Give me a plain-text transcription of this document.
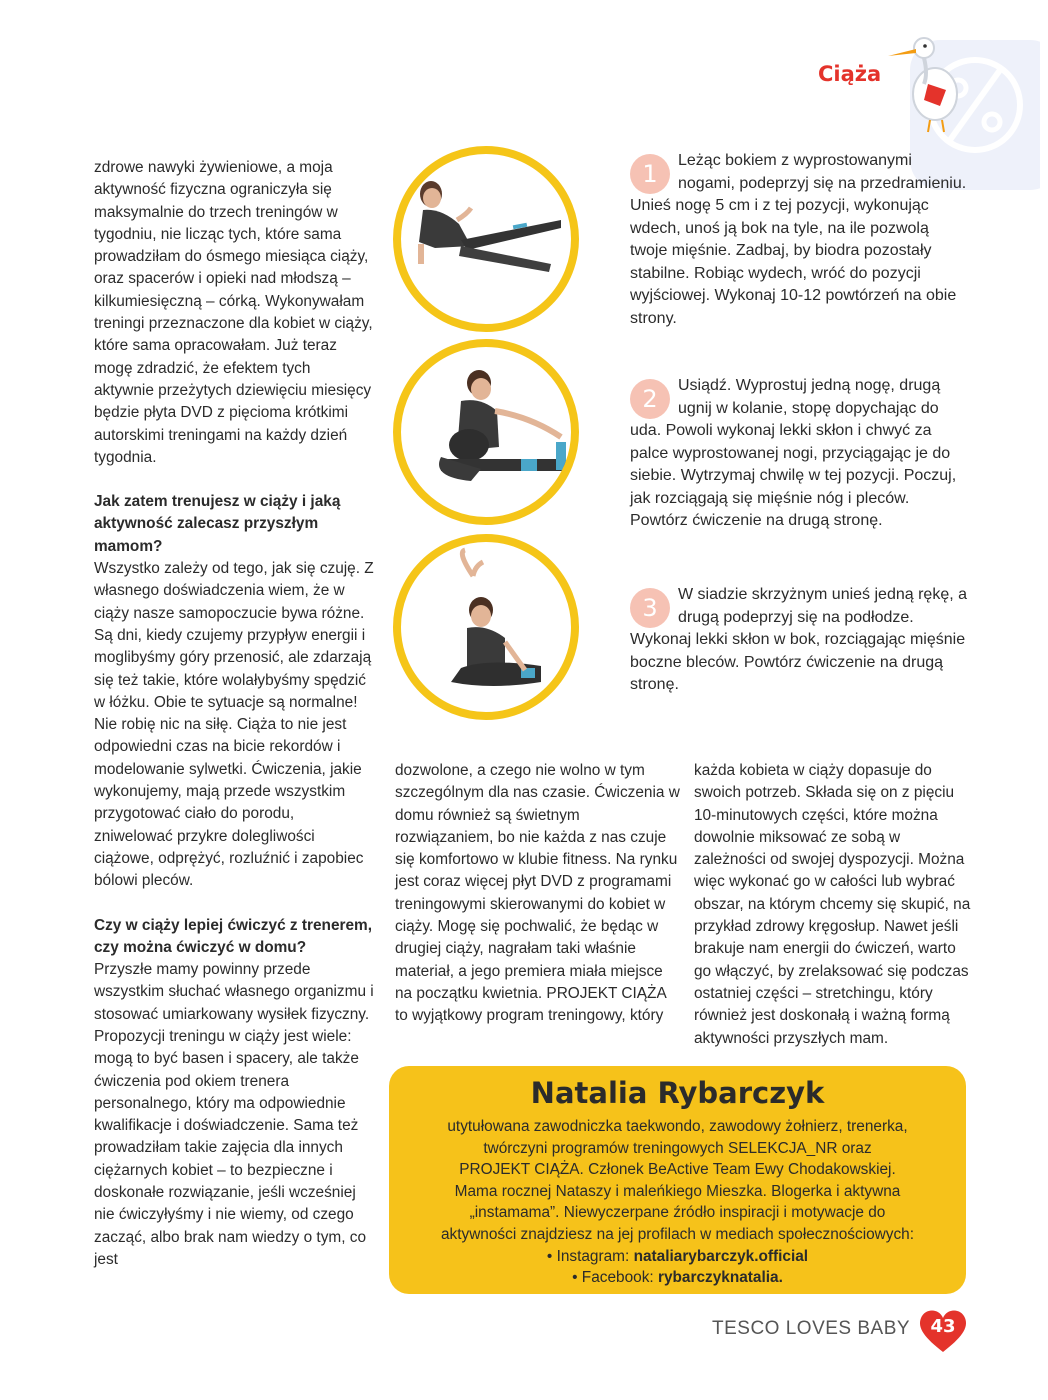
Ciąża

zdrowe nawyki żywieniowe, a moja aktywność fizyczna ograniczyła się maksymalnie do trzech treningów w tygodniu, nie licząc tych, które sama prowadziłam do ósmego miesiąca ciąży, oraz spacerów i opieki nad młodszą – kilkumiesięczną – córką. Wykonywałam treningi przeznaczone dla kobiet w ciąży, które sama opracowałam. Już teraz mogę zdradzić, że efektem tych aktywnie przeżytych dziewięciu miesięcy będzie płyta DVD z pięcioma krótkimi autorskimi treningami na każdy dzień tygodnia.

Jak zatem trenujesz w ciąży i jaką aktywność zalecasz przyszłym mamom?

Wszystko zależy od tego, jak się czuję. Z własnego doświadczenia wiem, że w ciąży nasze samopoczucie bywa różne. Są dni, kiedy czujemy przypływ energii i moglibyśmy góry przenosić, ale zdarzają się też takie, które wolałybyśmy spędzić w łóżku. Obie te sytuacje są normalne! Nie robię nic na siłę. Ciąża to nie jest odpowiedni czas na bicie rekordów i modelowanie sylwetki. Ćwiczenia, jakie wykonujemy, mają przede wszystkim przygotować ciało do porodu, zniwelować przykre dolegliwości ciążowe, odprężyć, rozluźnić i zapobiec bólowi pleców.

Czy w ciąży lepiej ćwiczyć z trenerem, czy można ćwiczyć w domu?

Przyszłe mamy powinny przede wszystkim słuchać własnego organizmu i stosować umiarkowany wysiłek fizyczny. Propozycji treningu w ciąży jest wiele: mogą to być basen i spacery, ale także ćwiczenia pod okiem trenera personalnego, który ma odpowiednie kwalifikacje i doświadczenie. Sama też prowadziłam takie zajęcia dla innych ciężarnych kobiet – to bezpieczne i doskonałe rozwiązanie, jeśli wcześniej nie ćwiczyłyśmy i nie wiemy, od czego zacząć, albo brak nam wiedzy o tym, co jest

1	Leżąc bokiem z wyprostowanymi nogami, podeprzyj się na przedramieniu. Unieś nogę 5 cm i z tej pozycji, wykonując wdech, unoś ją bok na tyle, na ile pozwolą twoje mięśnie. Zadbaj, by biodra pozostały stabilne. Robiąc wydech, wróć do pozycji wyjściowej. Wykonaj 10-12 powtórzeń na obie strony.
2	Usiądź. Wyprostuj jedną nogę, drugą ugnij w kolanie, stopę dopychając do uda. Powoli wykonaj lekki skłon i chwyć za palce wyprostowanej nogi, przyciągając je do siebie. Wytrzymaj chwilę w tej pozycji. Poczuj, jak rozciągają się mięśnie nóg i pleców. Powtórz ćwiczenie na drugą stronę.
3	W siadzie skrzyżnym unieś jedną rękę, a drugą podeprzyj się na podłodze. Wykonaj lekki skłon w bok, rozciągając mięśnie boczne bleców. Powtórz ćwiczenie na drugą stronę.

dozwolone, a czego nie wolno w tym szczególnym dla nas czasie. Ćwiczenia w domu również są świetnym rozwiązaniem, bo nie każda z nas czuje się komfortowo w klubie fitness. Na rynku jest coraz więcej płyt DVD z programami treningowymi skierowanymi do kobiet w ciąży. Mogę się pochwalić, że będąc w drugiej ciąży, nagrałam taki właśnie materiał, a jego premiera miała miejsce na początku kwietnia. PROJEKT CIĄŻA to wyjątkowy program treningowy, który

każda kobieta w ciąży dopasuje do swoich potrzeb. Składa się on z pięciu 10-minutowych części, które można dowolnie miksować ze sobą w zależności od swojej dyspozycji. Można więc wykonać go w całości lub wybrać obszar, na którym chcemy się skupić, na przykład zdrowy kręgosłup. Nawet jeśli brakuje nam energii do ćwiczeń, warto go włączyć, by zrelaksować się podczas ostatniej części – stretchingu, który również jest doskonałą i ważną formą aktywności przyszłych mam.

Natalia Rybarczyk

utytułowana zawodniczka taekwondo, zawodowy żołnierz, trenerka,

twórczyni programów treningowych SELEKCJA_NR oraz

PROJEKT CIĄŻA. Członek BeActive Team Ewy Chodakowskiej.

Mama rocznej Nataszy i maleńkiego Mieszka. Blogerka i aktywna

„instamama”. Niewyczerpane źródło inspiracji i motywacje do

aktywności znajdziesz na jej profilach w mediach społecznościowych:

• Instagram: nataliarybarczyk.official

• Facebook: rybarczyknatalia.

TESCO LOVES BABY	43
